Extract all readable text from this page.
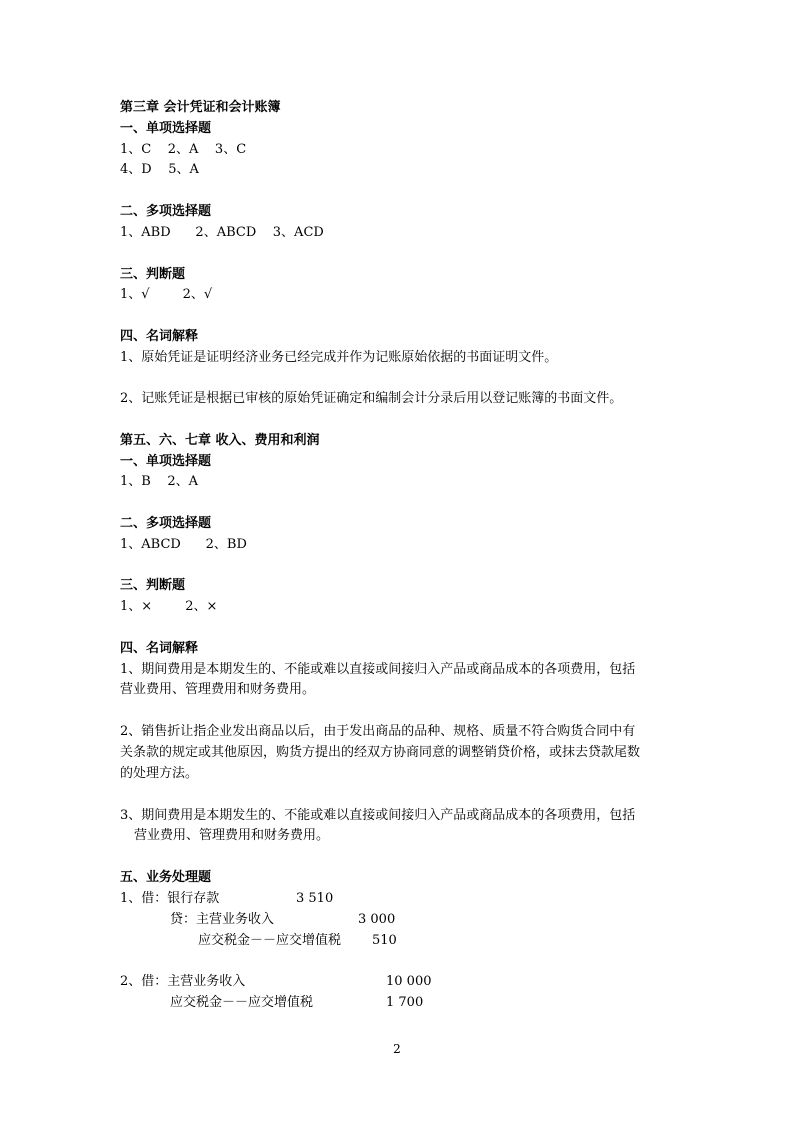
第三章 会计凭证和会计账簿
一、单项选择题
1、C    2、A    3、C
4、D    5、A
二、多项选择题
1、ABD      2、ABCD    3、ACD
三、判断题
1、√        2、√
四、名词解释
1、原始凭证是证明经济业务已经完成并作为记账原始依据的书面证明文件。
2、记账凭证是根据已审核的原始凭证确定和编制会计分录后用以登记账簿的书面文件。
第五、六、七章 收入、费用和利润
一、单项选择题
1、B    2、A
二、多项选择题
1、ABCD      2、BD
三、判断题
1、×        2、×
四、名词解释
1、期间费用是本期发生的、不能或难以直接或间接归入产品或商品成本的各项费用，包括
营业费用、管理费用和财务费用。
2、销售折让指企业发出商品以后，由于发出商品的品种、规格、质量不符合购货合同中有
关条款的规定或其他原因，购货方提出的经双方协商同意的调整销贷价格，或抹去贷款尾数
的处理方法。
3、期间费用是本期发生的、不能或难以直接或间接归入产品或商品成本的各项费用，包括
营业费用、管理费用和财务费用。
五、业务处理题
1、借：银行存款	3 510
贷：主营业务收入	3 000
应交税金－－应交增值税 510
2、借：主营业务收入	10 000
应交税金－－应交增值税	1 700
2
